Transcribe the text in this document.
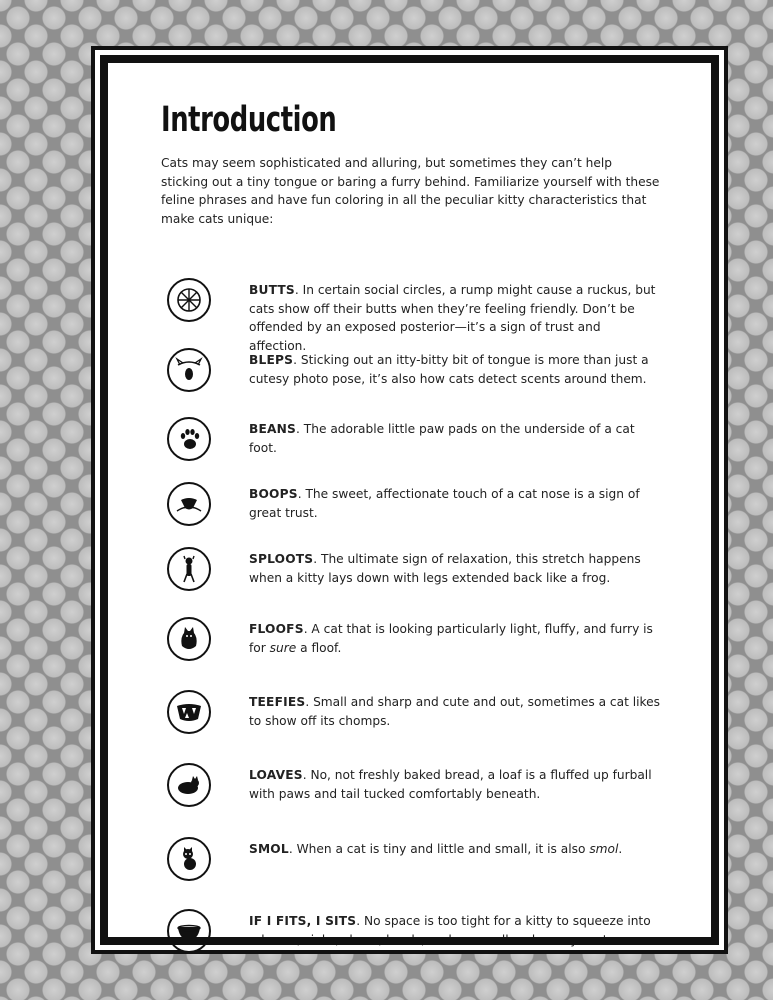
Introduction

Cats may seem sophisticated and alluring, but sometimes they can’t help sticking out a tiny tongue or baring a furry behind. Familiarize yourself with these feline phrases and have fun coloring in all the peculiar kitty characteristics that make cats unique:

BUTTS. In certain social circles, a rump might cause a ruckus, but cats show off their butts when they’re feeling friendly. Don’t be offended by an exposed posterior—it’s a sign of trust and affection.
BLEPS. Sticking out an itty-bitty bit of tongue is more than just a cutesy photo pose, it’s also how cats detect scents around them.
BEANS. The adorable little paw pads on the underside of a cat foot.
BOOPS. The sweet, affectionate touch of a cat nose is a sign of great trust.
SPLOOTS. The ultimate sign of relaxation, this stretch happens when a kitty lays down with legs extended back like a frog.
FLOOFS. A cat that is looking particularly light, fluffy, and furry is for sure a floof.
TEEFIES. Small and sharp and cute and out, sometimes a cat likes to show off its chomps.
LOAVES. No, not freshly baked bread, a loaf is a fluffed up furball with paws and tail tucked comfortably beneath.
SMOL. When a cat is tiny and little and small, it is also smol.
IF I FITS, I SITS. No space is too tight for a kitty to squeeze into—boxes, sinks, shoes, bowls, and vases all make cozy seats.
